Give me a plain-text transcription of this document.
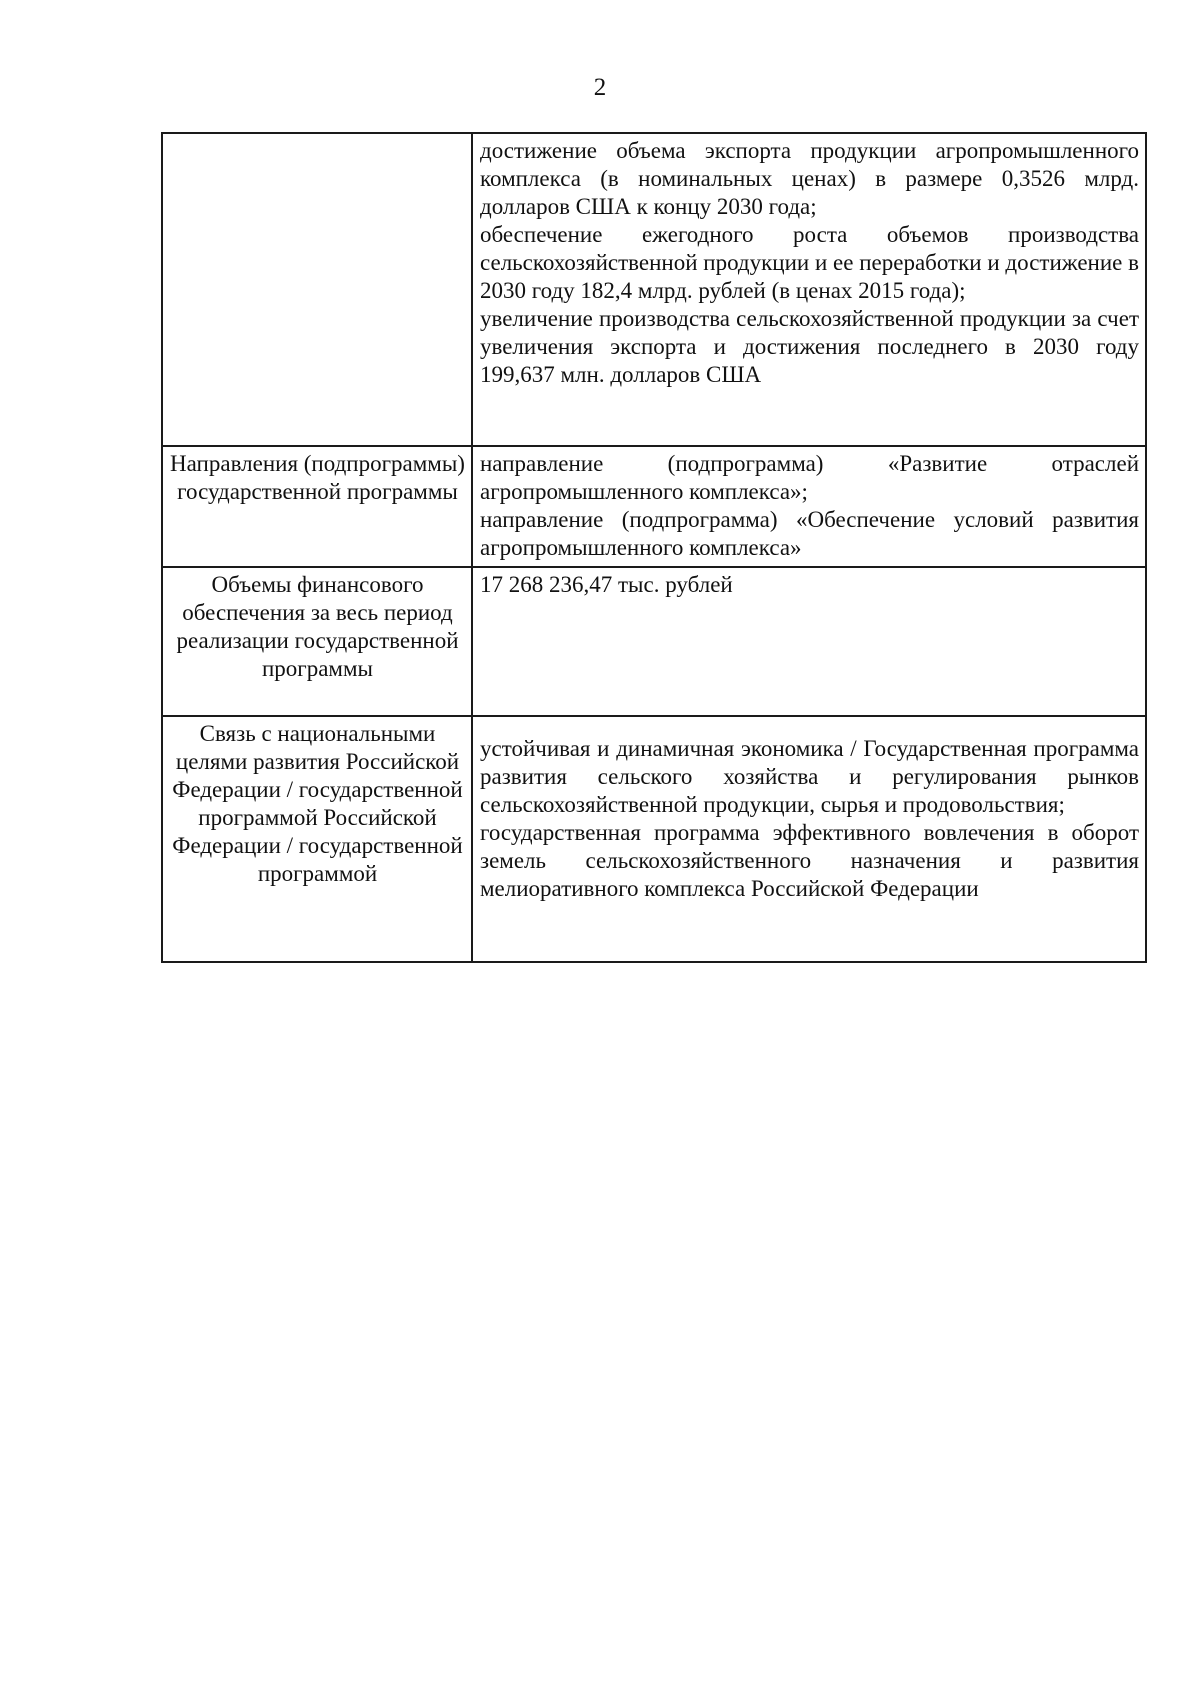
2

	достижение объема экспорта продукции агропромышленного комплекса (в номинальных ценах) в размере 0,3526 млрд. долларов США к концу 2030 года;
обеспечение ежегодного роста объемов производства сельскохозяйственной продукции и ее переработки и достижение в 2030 году 182,4 млрд. рублей (в ценах 2015 года);
увеличение производства сельскохозяйственной продукции за счет увеличения экспорта и достижения последнего в 2030 году 199,637 млн. долларов США

Направления (подпрограммы) государственной программы	направление (подпрограмма) «Развитие отраслей агропромышленного комплекса»;
направление (подпрограмма) «Обеспечение условий развития агропромышленного комплекса»

Объемы финансового обеспечения за весь период реализации государственной программы	17 268 236,47 тыс. рублей

Связь с национальными целями развития Российской Федерации / государственной программой Российской Федерации / государственной программой	устойчивая и динамичная экономика / Государственная программа развития сельского хозяйства и регулирования рынков сельскохозяйственной продукции, сырья и продовольствия;
государственная программа эффективного вовлечения в оборот земель сельскохозяйственного назначения и развития мелиоративного комплекса Российской Федерации
